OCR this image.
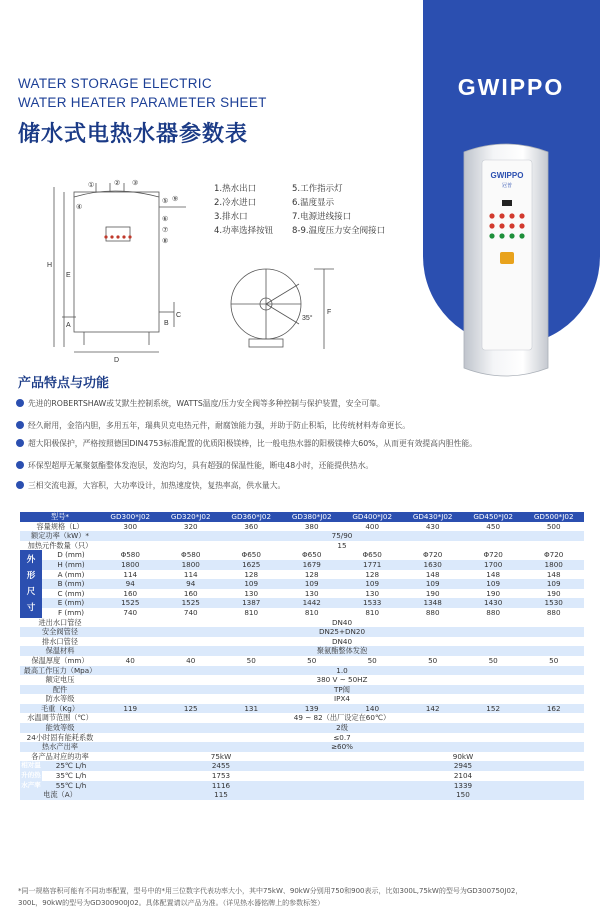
GWIPPO
WATER STORAGE ELECTRIC
WATER HEATER PARAMETER SHEET
储水式电热水器参数表
①	② ③
④
⑤
⑥
⑦
⑧
⑨
H
E
A	B
C
D
F
35°
1.热水出口	5.工作指示灯
2.冷水进口	6.温度显示
3.排水口	7.电源进线接口
4.功率选择按钮 8-9.温度压力安全阀接口
GWIPPO
冠普
产品特点与功能
先进的ROBERTSHAW或艾默生控制系统，WATTS温度/压力安全阀等多种控制与保护装置，安全可靠。
经久耐用，金箔内胆，多用五年，瑞典贝克电热元件，耐腐蚀能力强，并助于防止积垢，比传统材料寿命更长。
超大阳极保护，严格按照德国DIN4753标准配置的优质阳极镁棒，比一般电热水器的阳极镁棒大60%，从而更有效提高内胆性能。
环保型超厚无氟聚氨酯整体发泡层，发泡均匀，具有超强的保温性能，断电48小时，还能提供热水。
三相交流电源，大容积，大功率设计，加热速度快，复热率高，供水量大。
型号*		GD300*J02	GD320*J02	GD360*J02	GD380*J02	GD400*J02	GD430*J02	GD450*J02	GD500*J02
容量规格（L）		300	320	360	380	400	430	450	500
额定功率（kW）*		75/90							
加热元件数量（只）		15							

外
形
尺
寸	D (mm)	Φ580	Φ580	Φ650	Φ650	Φ650	Φ720	Φ720	Φ720
	H (mm)	1800	1800	1625	1679	1771	1630	1700	1800
	A (mm)	114	114	128	128	128	148	148	148
	B (mm)	94	94	109	109	109	109	109	109
	C (mm)	160	160	130	130	130	190	190	190
	E (mm)	1525	1525	1387	1442	1533	1348	1430	1530
	F (mm)	740	740	810	810	810	880	880	880
进出水口管径		DN40							
安全阀管径		DN25+DN20							
排水口管径		DN40							
保温材料		聚氨酯整体发泡							
保温厚度（mm）		40	40	50	50	50	50	50	50
最高工作压力（Mpa）		1.0							
额定电压		380 V ~ 50HZ							
配件		TP阀							
防水等级		IPX4							
毛重（Kg）		119	125	131	139	140	142	152	162
水温调节范围（℃）		49 ~ 82（出厂设定在60℃）							
能效等级		2级							
24小时固有能耗系数		≤0.7							
热水产出率		≥60%							
各产品对应的功率		75kW				90kW			

相对温
升的热
水产率	25℃ L/h	2455				2945			
	35℃ L/h	1753				2104			
	55℃ L/h	1116				1339			
电流（A）		115				150			
*同一规格容积可能有不同功率配置，型号中的*用三位数字代表功率大小，其中75kW、90kW分别用750和900表示，比如300L,75kW的型号为GD300750J02，
300L，90kW的型号为GD300900J02。具体配置请以产品为准。（详见热水器铭牌上的参数标签）
